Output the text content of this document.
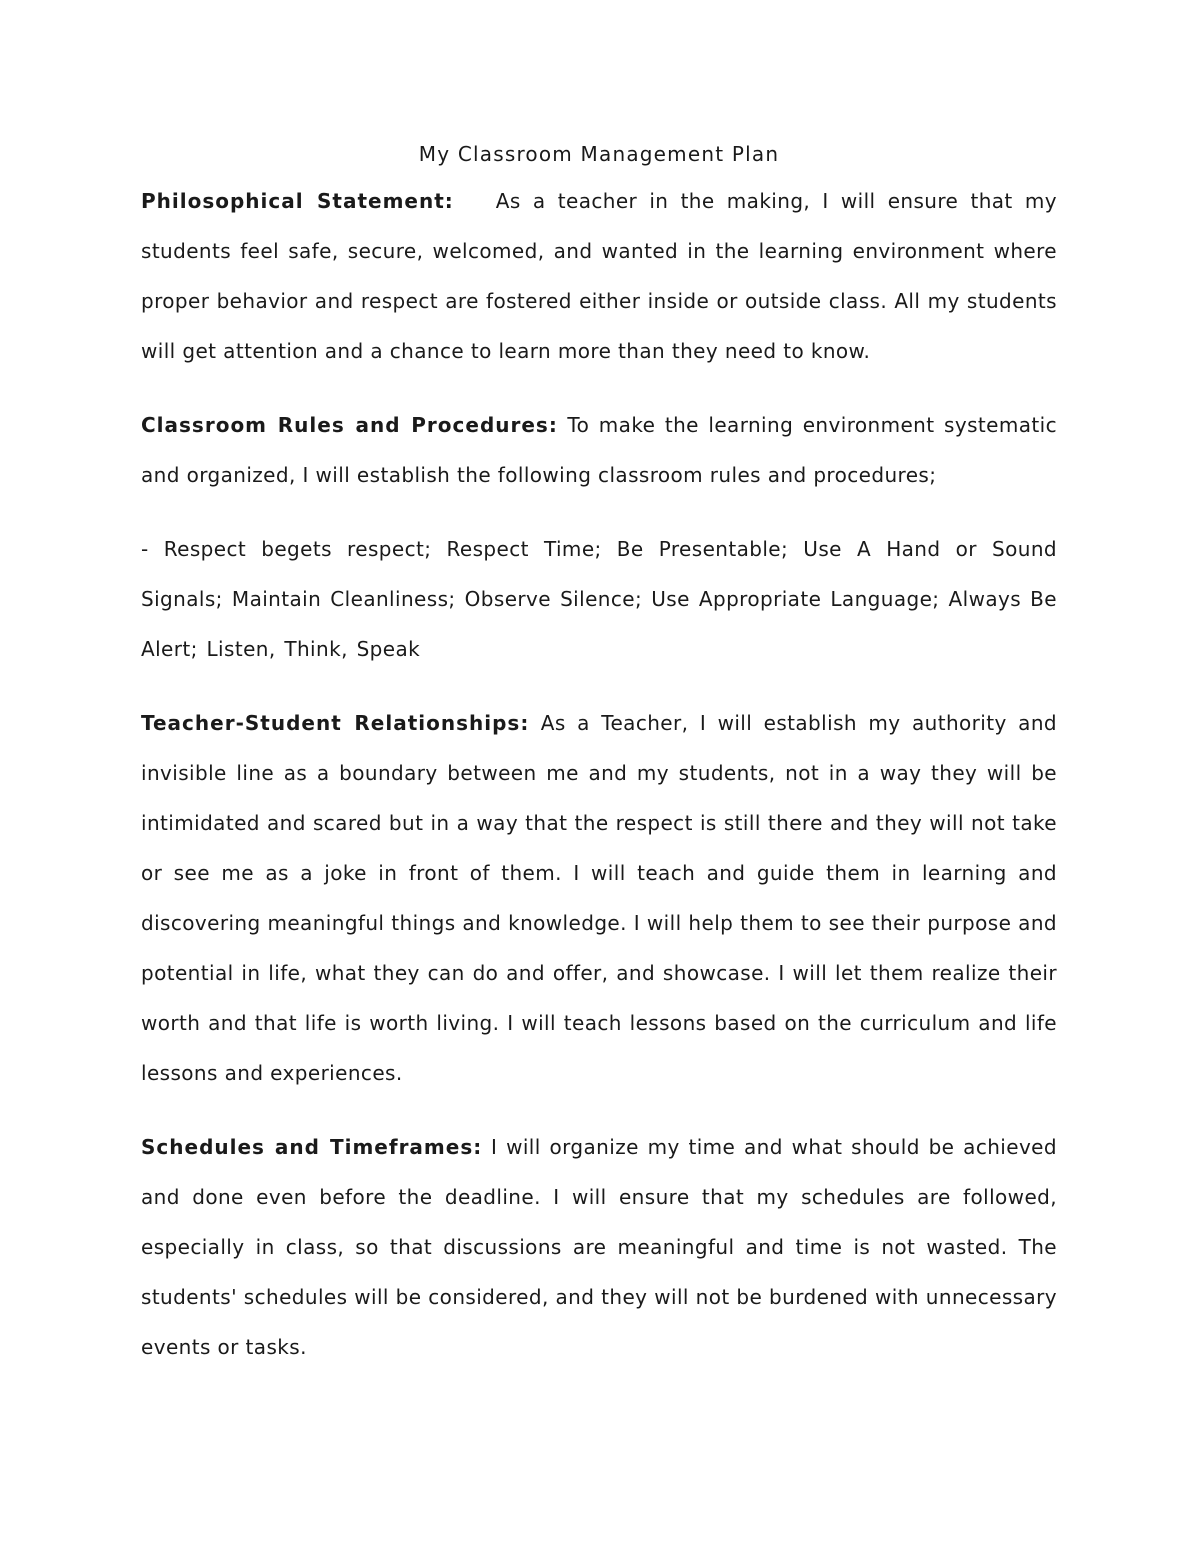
My Classroom Management Plan

Philosophical Statement: As a teacher in the making, I will ensure that my students feel safe, secure, welcomed, and wanted in the learning environment where proper behavior and respect are fostered either inside or outside class. All my students will get attention and a chance to learn more than they need to know.

Classroom Rules and Procedures: To make the learning environment systematic and organized, I will establish the following classroom rules and procedures;

- Respect begets respect; Respect Time; Be Presentable; Use A Hand or Sound Signals; Maintain Cleanliness; Observe Silence; Use Appropriate Language; Always Be Alert; Listen, Think, Speak

Teacher-Student Relationships: As a Teacher, I will establish my authority and invisible line as a boundary between me and my students, not in a way they will be intimidated and scared but in a way that the respect is still there and they will not take or see me as a joke in front of them. I will teach and guide them in learning and discovering meaningful things and knowledge. I will help them to see their purpose and potential in life, what they can do and offer, and showcase. I will let them realize their worth and that life is worth living. I will teach lessons based on the curriculum and life lessons and experiences.

Schedules and Timeframes: I will organize my time and what should be achieved and done even before the deadline. I will ensure that my schedules are followed, especially in class, so that discussions are meaningful and time is not wasted. The students' schedules will be considered, and they will not be burdened with unnecessary events or tasks.
